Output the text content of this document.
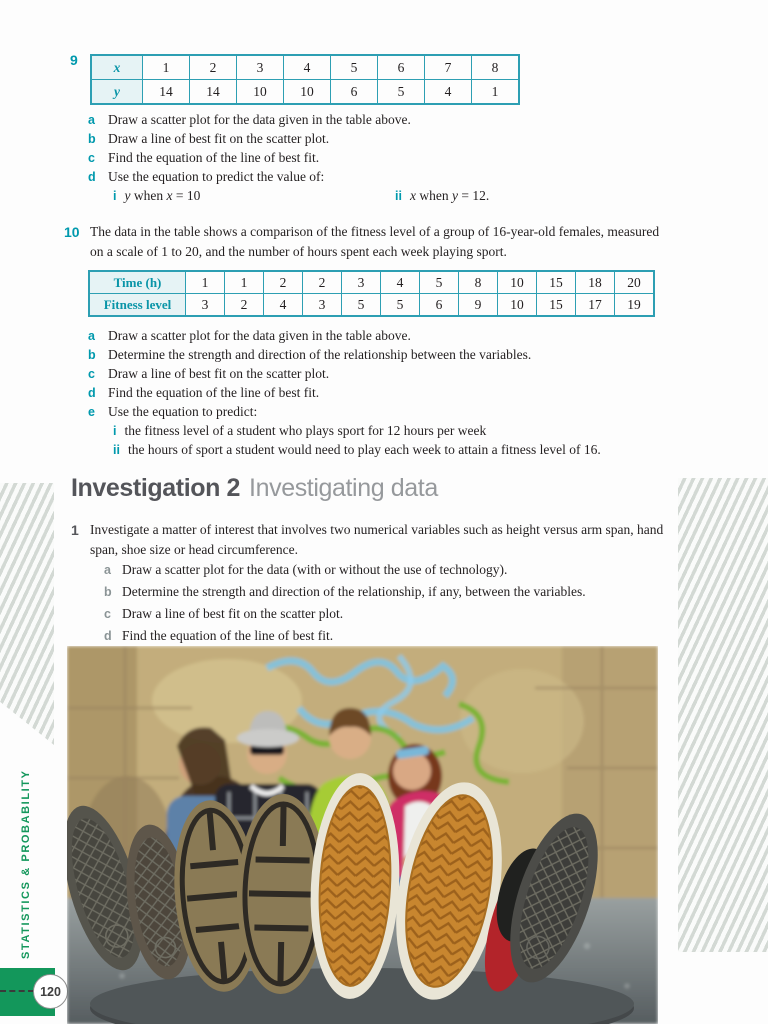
STATISTICS & PROBABILITY
120
9	x	1	2	3	4	5	6	7	8
y	14	14	10	10	6	5	4	1
a Draw a scatter plot for the data given in the table above.
b Draw a line of best fit on the scatter plot.
c Find the equation of the line of best fit.
d Use the equation to predict the value of:
i y when x = 10	ii x when y = 12.
10 The data in the table shows a comparison of the fitness level of a group of 16-year-old females, measured on a scale of 1 to 20, and the number of hours spent each week playing sport.
Time (h)	1	1	2	2	3	4	5	8	10	15	18	20
Fitness level	3	2	4	3	5	5	6	9	10	15	17	19
a Draw a scatter plot for the data given in the table above.
b Determine the strength and direction of the relationship between the variables.
c Draw a line of best fit on the scatter plot.
d Find the equation of the line of best fit.
e Use the equation to predict:
i the fitness level of a student who plays sport for 12 hours per week
ii the hours of sport a student would need to play each week to attain a fitness level of 16.
Investigation 2 Investigating data
1 Investigate a matter of interest that involves two numerical variables such as height versus arm span, hand span, shoe size or head circumference.
a Draw a scatter plot for the data (with or without the use of technology).
b Determine the strength and direction of the relationship, if any, between the variables.
c Draw a line of best fit on the scatter plot.
d Find the equation of the line of best fit.
